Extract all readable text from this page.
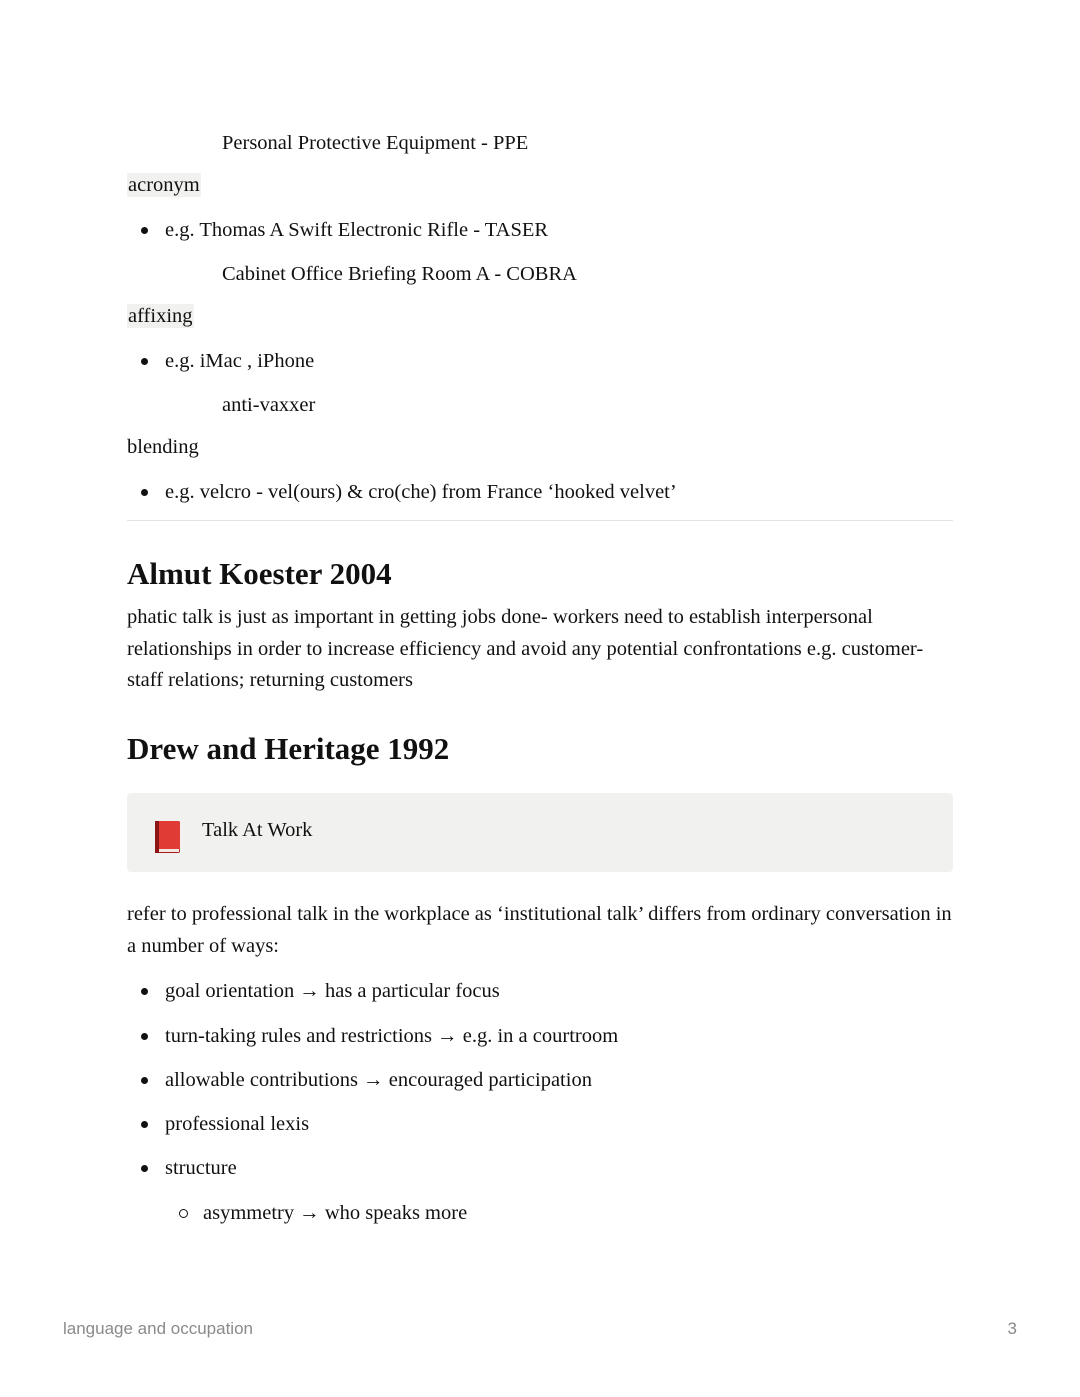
Personal Protective Equipment - PPE
acronym
e.g. Thomas A Swift Electronic Rifle - TASER
Cabinet Office Briefing Room A - COBRA
affixing
e.g. iMac , iPhone
anti-vaxxer
blending
e.g. velcro - vel(ours) & cro(che) from France ‘hooked velvet’
Almut Koester 2004
phatic talk is just as important in getting jobs done- workers need to establish interpersonal relationships in order to increase efficiency and avoid any potential confrontations e.g. customer-staff relations; returning customers
Drew and Heritage 1992
Talk At Work
refer to professional talk in the workplace as ‘institutional talk’ differs from ordinary conversation in a number of ways:
goal orientation → has a particular focus
turn-taking rules and restrictions → e.g. in a courtroom
allowable contributions → encouraged participation
professional lexis
structure
asymmetry → who speaks more
language and occupation	3
